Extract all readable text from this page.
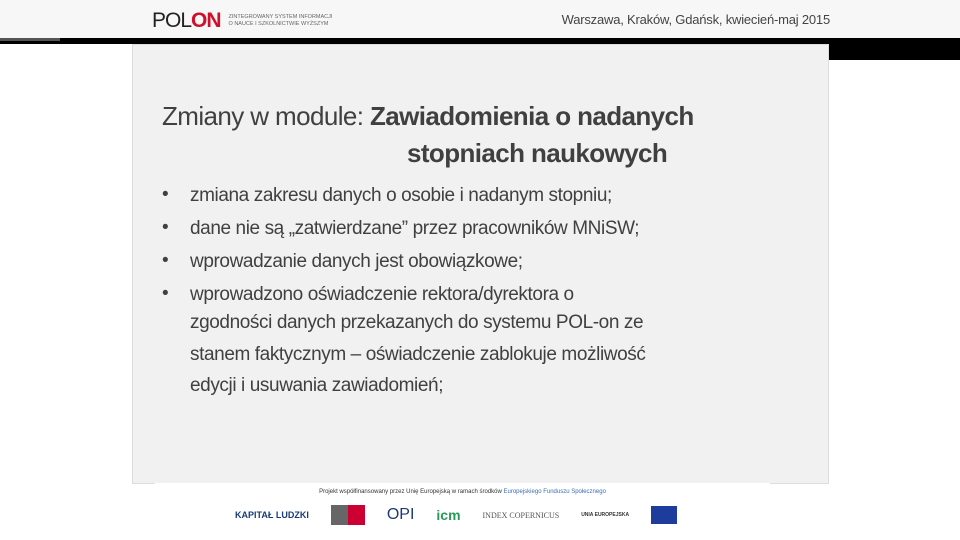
POLON ZINTEGROWANY SYSTEM INFORMACJI
O NAUCE I SZKOLNICTWIE WYŻSZYM	Warszawa, Kraków, Gdańsk, kwiecień-maj 2015
Zmiany w module: Zawiadomienia o nadanych
stopniach naukowych
•	zmiana zakresu danych o osobie i nadanym stopniu;
•	dane nie są „zatwierdzane” przez pracowników MNiSW;
•	wprowadzanie danych jest obowiązkowe;
•	wprowadzono oświadczenie rektora/dyrektora o
zgodności danych przekazanych do systemu POL-on ze
stanem faktycznym – oświadczenie zablokuje możliwość
edycji i usuwania zawiadomień;
Projekt współfinansowany przez Unię Europejską w ramach środków Europejskiego Funduszu Społecznego
KAPITAŁ LUDZKI	OPI icm	INDEX COPERNICUS	UNIA EUROPEJSKA
